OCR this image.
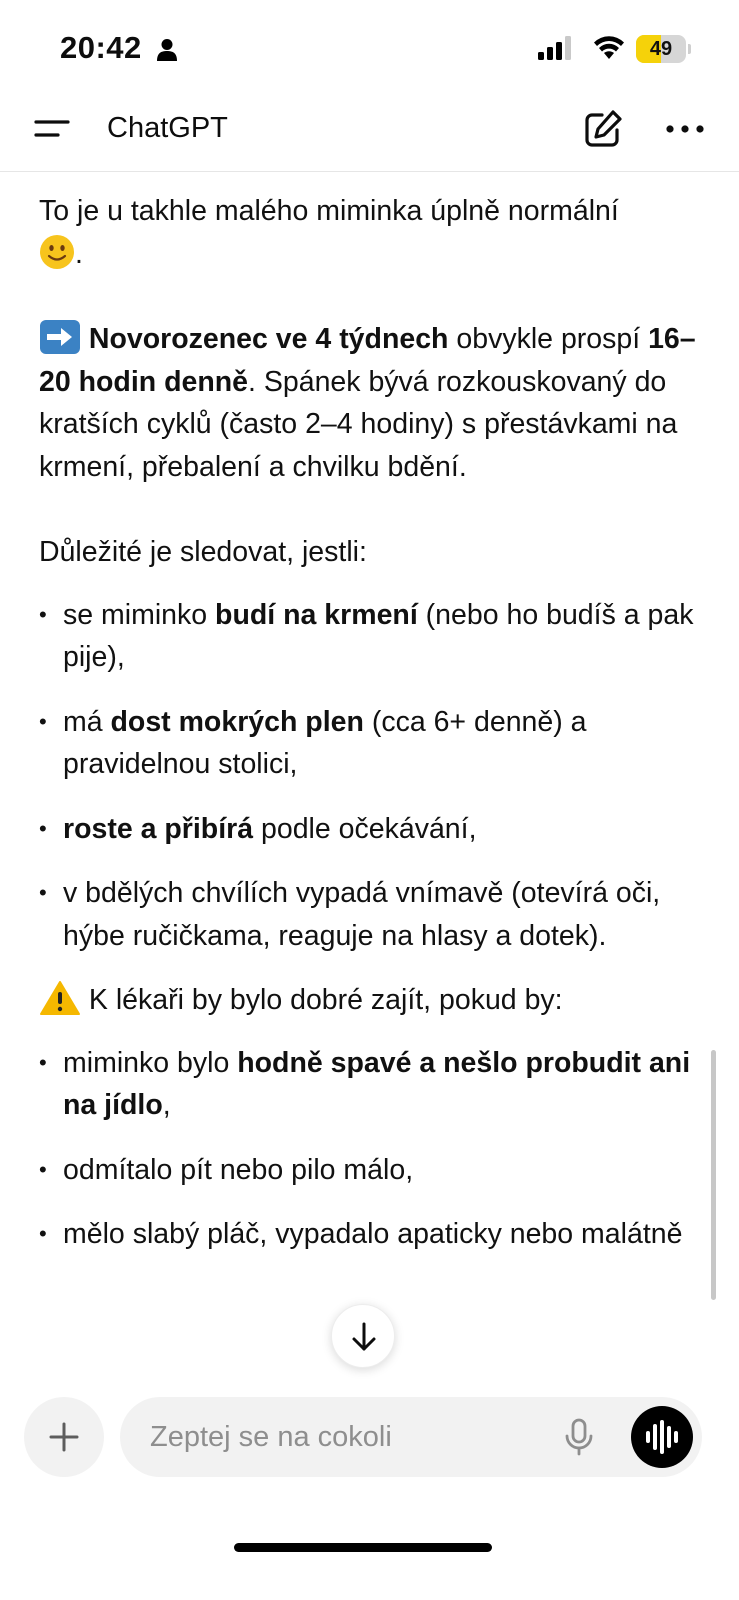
20:42	49
ChatGPT

To je u takhle malého miminka úplně normální
.

Novorozenec ve 4 týdnech obvykle prospí 16–20 hodin denně. Spánek bývá rozkouskovaný do kratších cyklů (často 2–4 hodiny) s přestávkami na krmení, přebalení a chvilku bdění.

Důležité je sledovat, jestli:

• se miminko budí na krmení (nebo ho budíš a pak pije),
• má dost mokrých plen (cca 6+ denně) a pravidelnou stolici,
• roste a přibírá podle očekávání,
• v bdělých chvílích vypadá vnímavě (otevírá oči, hýbe ručičkama, reaguje na hlasy a dotek).

K lékaři by bylo dobré zajít, pokud by:

• miminko bylo hodně spavé a nešlo probudit ani na jídlo,
• odmítalo pít nebo pilo málo,
• mělo slabý pláč, vypadalo apaticky nebo malátně
Zeptej se na cokoli
